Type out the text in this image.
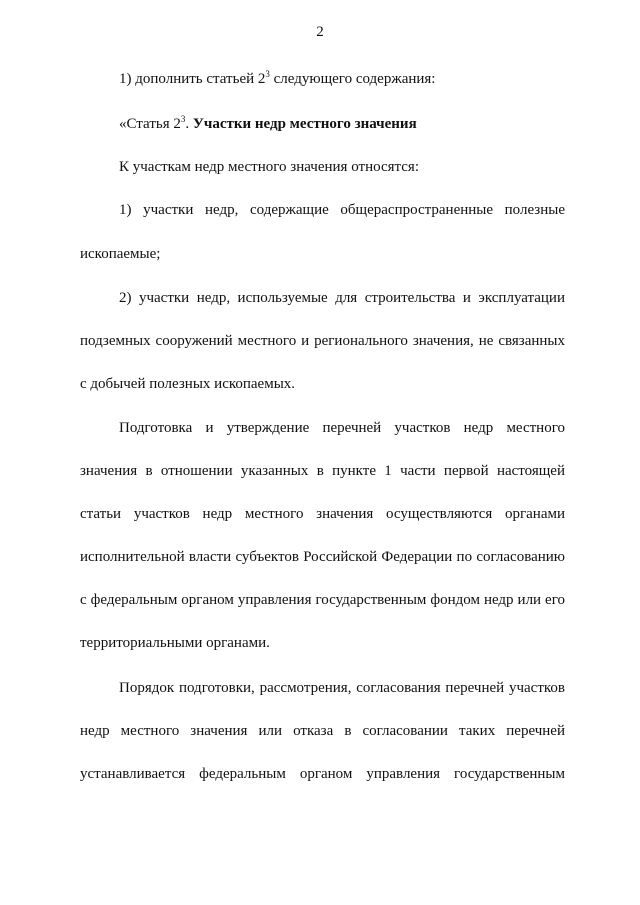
2
1) дополнить статьей $2^3$ следующего содержания:
«Статья $2^3$. Участки недр местного значения
К участкам недр местного значения относятся:
1) участки недр, содержащие общераспространенные полезные
ископаемые;
2) участки недр, используемые для строительства и эксплуатации
подземных сооружений местного и регионального значения, не связанных
с добычей полезных ископаемых.
Подготовка и утверждение перечней участков недр местного
значения в отношении указанных в пункте 1 части первой настоящей
статьи участков недр местного значения осуществляются органами
исполнительной власти субъектов Российской Федерации по согласованию
с федеральным органом управления государственным фондом недр или его
территориальными органами.
Порядок подготовки, рассмотрения, согласования перечней участков
недр местного значения или отказа в согласовании таких перечней
устанавливается федеральным органом управления государственным
